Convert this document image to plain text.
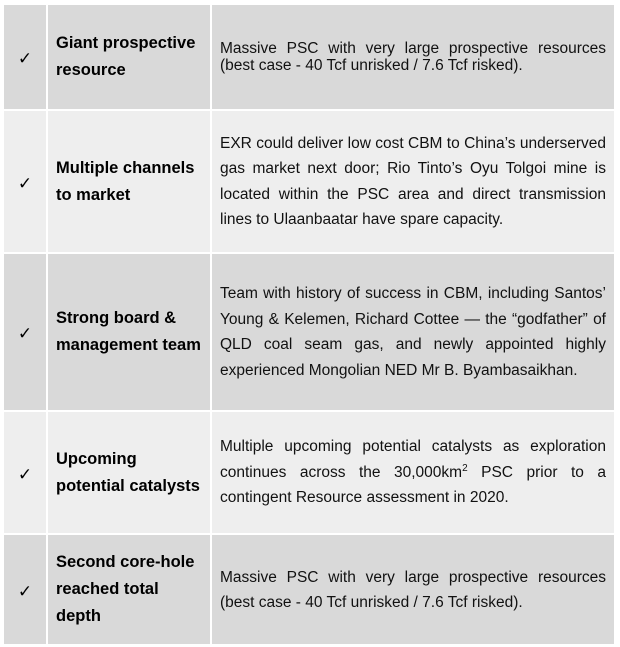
✓	Giant prospective resource	Massive PSC with very large prospective resources (best case - 40 Tcf unrisked / 7.6 Tcf risked).

✓	Multiple channels to market	EXR could deliver low cost CBM to China’s underserved gas market next door; Rio Tinto’s Oyu Tolgoi mine is located within the PSC area and direct transmission lines to Ulaanbaatar have spare capacity.

✓	Strong board & management team	Team with history of success in CBM, including Santos’ Young & Kelemen, Richard Cottee — the “godfather” of QLD coal seam gas, and newly appointed highly experienced Mongolian NED Mr B. Byambasaikhan.

✓	Upcoming potential catalysts	Multiple upcoming potential catalysts as exploration continues across the $30,000km^2$ PSC prior to a contingent Resource assessment in 2020.

✓	Second core-hole reached total depth	Massive PSC with very large prospective resources (best case - 40 Tcf unrisked / 7.6 Tcf risked).
